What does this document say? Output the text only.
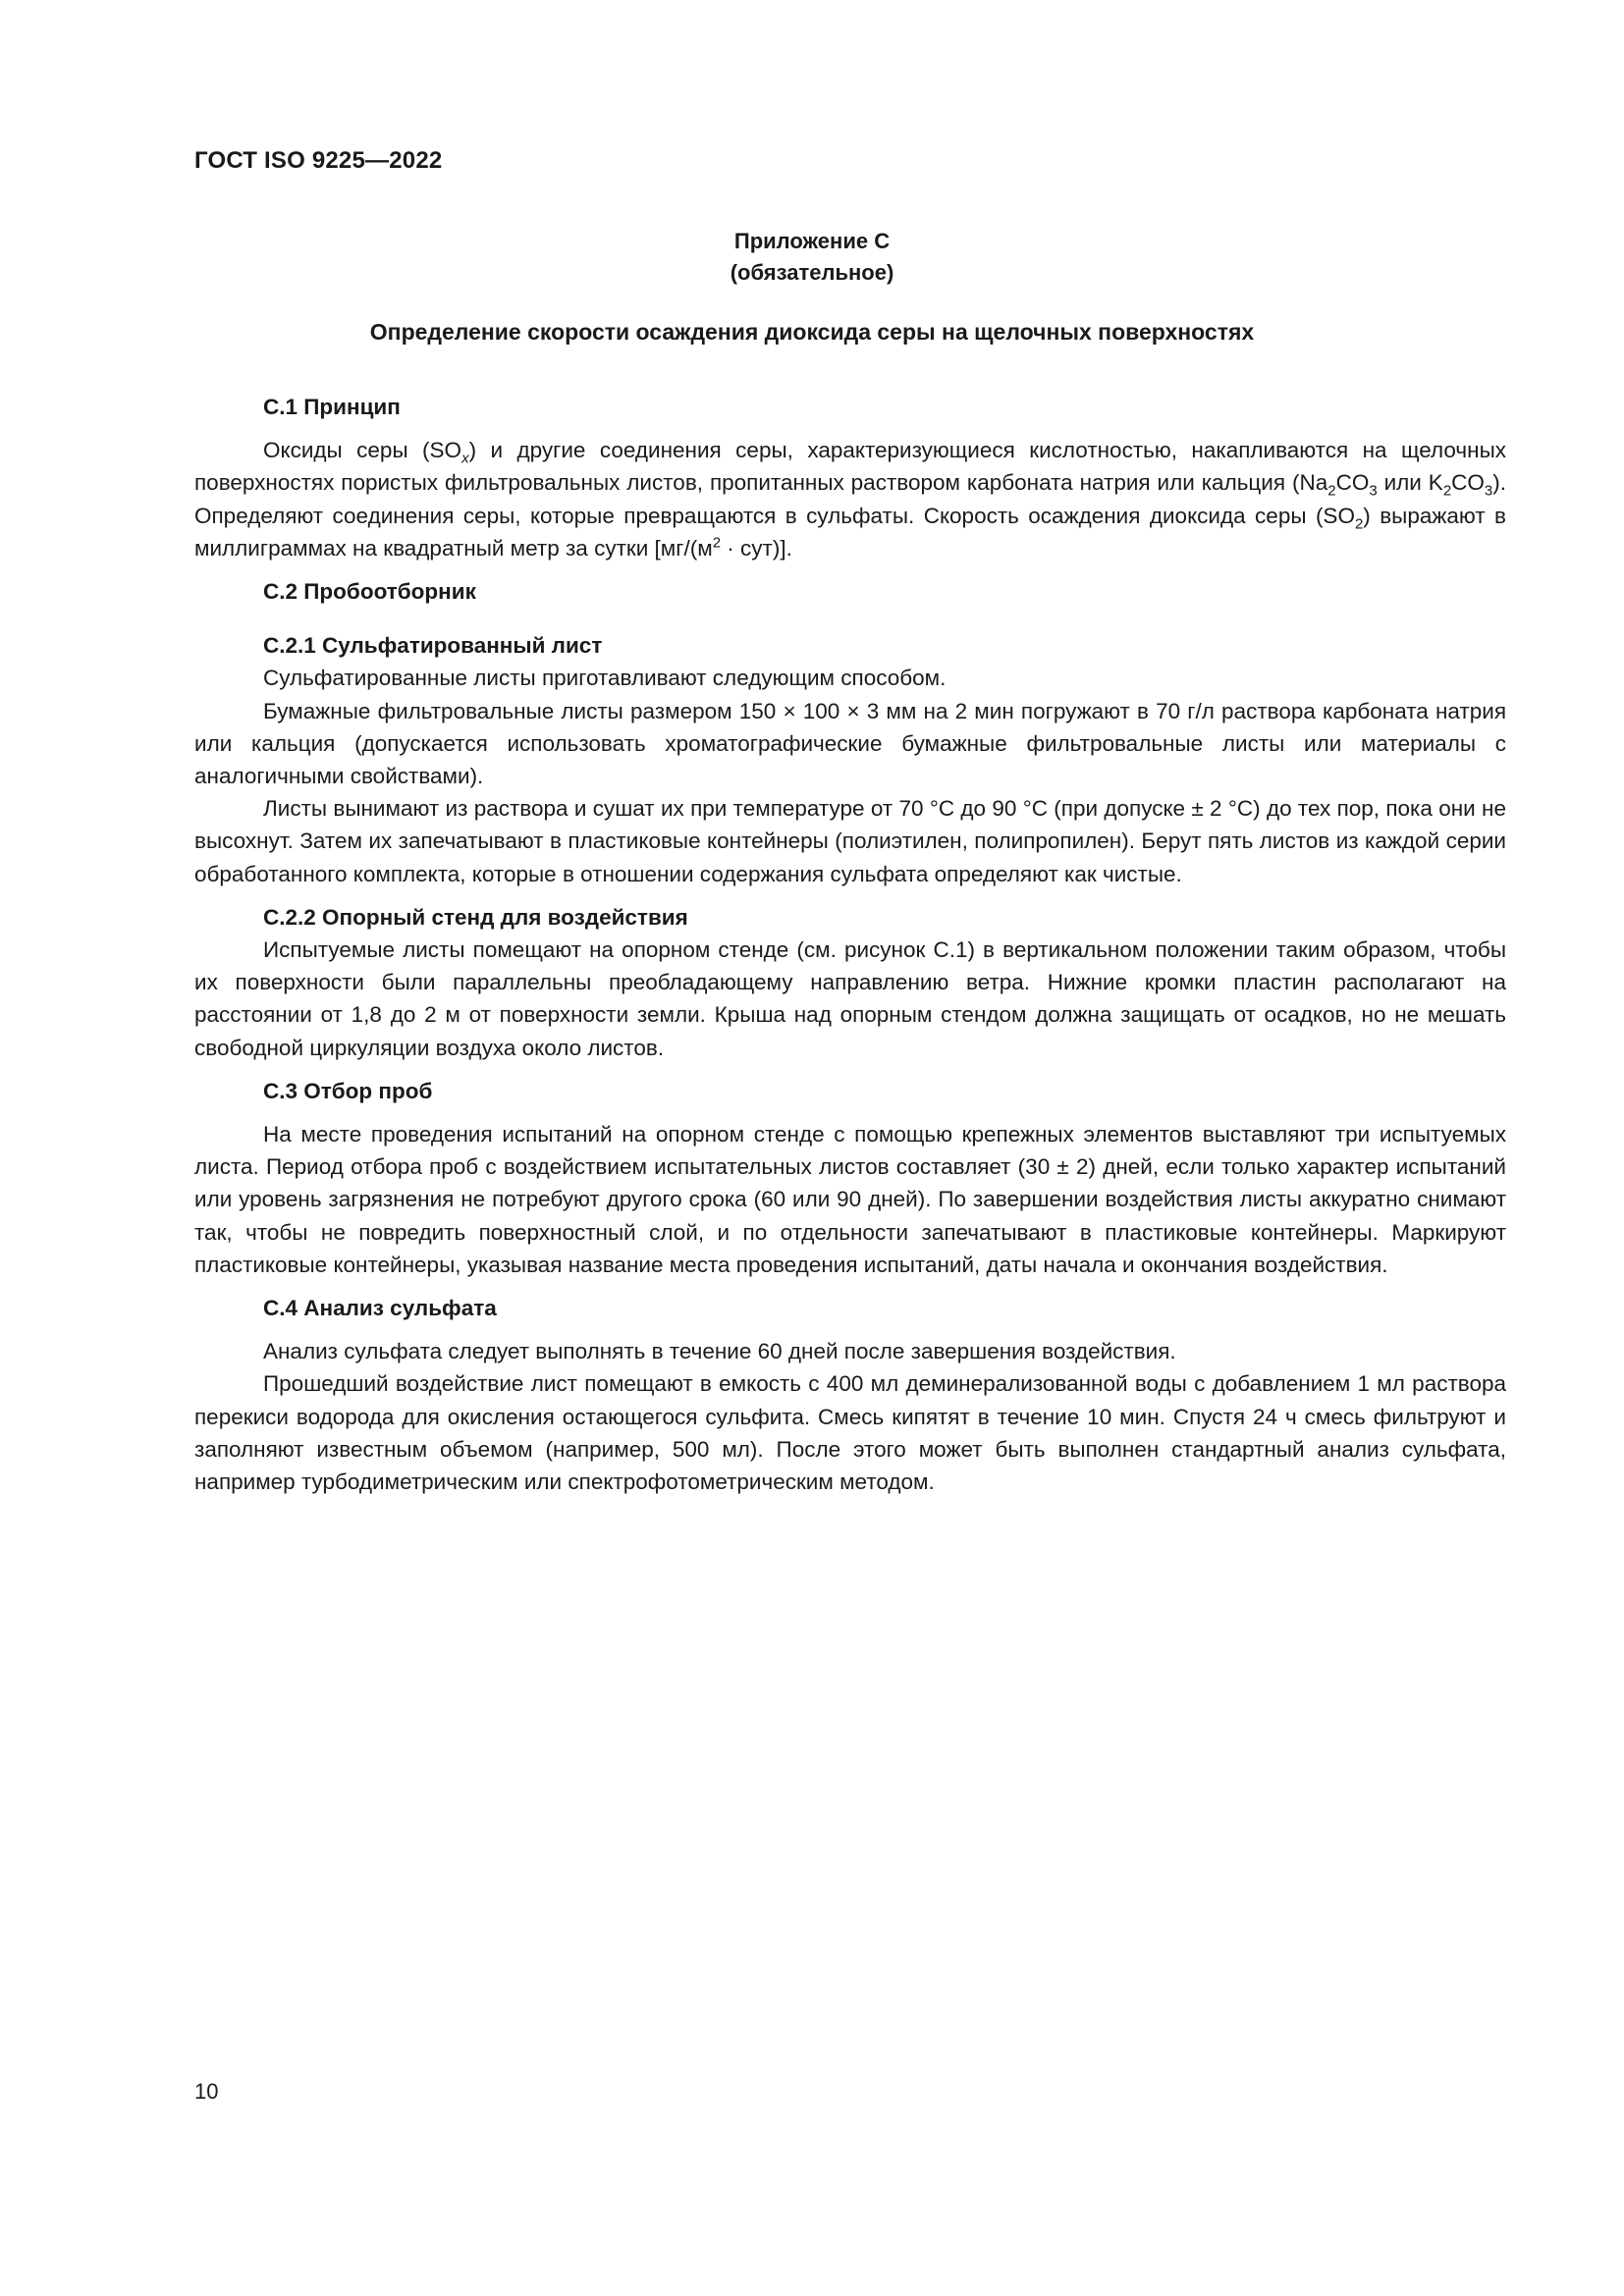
ГОСТ ISO 9225—2022
Приложение С
(обязательное)
Определение скорости осаждения диоксида серы на щелочных поверхностях

С.1 Принцип

Оксиды серы $(SO_x)$ и другие соединения серы, характеризующиеся кислотностью, накапливаются на щелочных поверхностях пористых фильтровальных листов, пропитанных раствором карбоната натрия или кальция ($Na_2CO_3$ или $K_2CO_3$). Определяют соединения серы, которые превращаются в сульфаты. Скорость осаждения диоксида серы $(SO_2)$ выражают в миллиграммах на квадратный метр за сутки $[мг/(м^2 \cdot сут)]$.

С.2 Пробоотборник

С.2.1 Сульфатированный лист

Сульфатированные листы приготавливают следующим способом.

Бумажные фильтровальные листы размером 150 × 100 × 3 мм на 2 мин погружают в 70 г/л раствора карбоната натрия или кальция (допускается использовать хроматографические бумажные фильтровальные листы или материалы с аналогичными свойствами).

Листы вынимают из раствора и сушат их при температуре от 70 °С до 90 °С (при допуске ± 2 °С) до тех пор, пока они не высохнут. Затем их запечатывают в пластиковые контейнеры (полиэтилен, полипропилен). Берут пять листов из каждой серии обработанного комплекта, которые в отношении содержания сульфата определяют как чистые.

С.2.2 Опорный стенд для воздействия

Испытуемые листы помещают на опорном стенде (см. рисунок С.1) в вертикальном положении таким образом, чтобы их поверхности были параллельны преобладающему направлению ветра. Нижние кромки пластин располагают на расстоянии от 1,8 до 2 м от поверхности земли. Крыша над опорным стендом должна защищать от осадков, но не мешать свободной циркуляции воздуха около листов.

С.3 Отбор проб

На месте проведения испытаний на опорном стенде с помощью крепежных элементов выставляют три испытуемых листа. Период отбора проб с воздействием испытательных листов составляет (30 ± 2) дней, если только характер испытаний или уровень загрязнения не потребуют другого срока (60 или 90 дней). По завершении воздействия листы аккуратно снимают так, чтобы не повредить поверхностный слой, и по отдельности запечатывают в пластиковые контейнеры. Маркируют пластиковые контейнеры, указывая название места проведения испытаний, даты начала и окончания воздействия.

С.4 Анализ сульфата

Анализ сульфата следует выполнять в течение 60 дней после завершения воздействия.

Прошедший воздействие лист помещают в емкость с 400 мл деминерализованной воды с добавлением 1 мл раствора перекиси водорода для окисления остающегося сульфита. Смесь кипятят в течение 10 мин. Спустя 24 ч смесь фильтруют и заполняют известным объемом (например, 500 мл). После этого может быть выполнен стандартный анализ сульфата, например турбодиметрическим или спектрофотометрическим методом.

10
